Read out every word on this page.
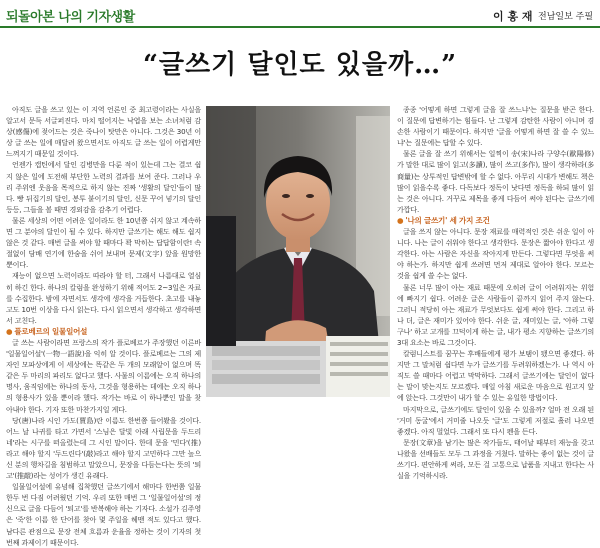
되돌아본 나의 기자생활	이 홍 재 전남일보 주필
“글쓰기 달인도 있을까…”

아직도 글을 쓰고 있는 이 지역 언론인 중 최고령이라는 사실을 알고서 문득 서글퍼진다. 마치 떨어지는 낙엽을 보는 소녀처럼 감상(感傷)에 젖어드는 것은 죽나이 탓만은 아니다. 그것은 30년 이상 글 쓰는 일에 매달려 왔으면서도 아직도 글 쓰는 일이 어렵게만 느껴지기 때문일 것이다.

언젠가 캡틴에서 달인 김병만을 다룬 적이 있는데 그는 결코 쉽지 않은 일에 도전해 부단한 노력의 결과를 보여 준다. 그러나 우리 주위엔 웃음을 목적으로 하지 않는 진짜 '생활의 달인'들이 많다. 빵 뒤집기의 달인, 봉투 붙이기의 달인, 신문 꾸어 넣기의 달인 등등, 그들을 볼 때면 경외감을 감추기 어렵다.

물론 세상의 어떤 어려운 일이라도 한 10년쯤 쉬지 않고 계속하면 그 분야의 달인이 될 수 있다. 하지만 글쓰기는 해도 해도 쉽지 않은 것 같다. 매번 글을 써야 할 때마다 꽉 막히는 답답함이란! 속절없이 담배 연기에 한숨을 쉬어 보내며 문제(文字) 앞을 원망한 뿐이다.

재능이 없으면 노력이라도 따라야 할 터, 그래서 나름대로 열심히 하긴 한다. 하나의 칼럼을 완성하기 위해 적어도 2~3일은 자료를 수집한다. 밤에 자면서도 생각에 생각을 거듭한다. 초고를 내놓고도 10번 이상을 다시 읽는다. 다시 읽으면서 생각하고 생각하면서 고친다.

● 플로베르의 일물일어설

글 쓰는 사람이라면 프랑스의 작가 플로베르가 주장했던 이른바 '일물일어설'(一物一語說)을 익히 알 것이다. 플로베르는 그의 제자인 모파상에게 이 세상에는 똑같은 두 개의 모래알이 없으며 똑같은 두 마리의 파리도 없다고 했다. 사물의 이름에는 오직 하나의 명사, 움직임에는 하나의 동사, 그것을 형용하는 데에는 오직 하나의 형용사가 있을 뿐이라 했다. 작가는 바로 이 하나뿐인 말을 찾아내야 한다. 기자 또한 마찬가지일 게다.

당(唐)나라 시인 가도(賈島)란 이름도 한번쯤 들어봤을 것이다. 어느 날 나귀를 타고 가면서 '스님은 달빛 아래 사립문을 두드리네'라는 시구를 떠올렸는데 그 시인 말이다. 한데 문을 '민다'(推)라고 해야 할지 '두드린다'(敲)라고 해야 할지 고민하다 그만 높으신 분의 행차길을 침범하고 말았으니, 문장을 다듬는다는 뜻의 '퇴고'(推敲)라는 성어가 생긴 유래다.

일물일어설에 유념해 집착했던 글쓰기에서 해마다 한번쯤 일물 한두 번 다짐 어려웠던 기억. 우리 또한 매번 그 '일물일어설'의 정신으로 글을 다듬어 '퇴고'를 반복해야 하는 기자다. 소설가 김주영은 '죽'한 이름 한 단어를 찾아 몇 주일을 헤맨 적도 있다고 했다. 남다른 관점으로 문장 전체 흐름과 운율을 정하는 것이 기자의 첫 번째 과제이기 때문이다.

종종 '어떻게 하면 그렇게 글을 잘 쓰느냐'는 질문을 받곤 한다. 이 질문에 답변하기는 힘들다. 난 그렇게 감탄한 사람이 아니며 겸손한 사람이기 때문이다. 하지만 '글을 어떻게 하면 잘 쓸 수 있느냐'는 질문에는 답할 수 있다.

물론 글을 잘 쓰기 위해서는 일찍이 송(宋)나라 구양수(歐陽修)가 말한 대로 많이 읽고(多讀), 많이 쓰고(多作), 많이 생각하라(多商量)는 상투적인 답변밖에 할 수 없다. 아무리 시대가 변해도 책은 많이 읽을수록 좋다. 다독보다 정독이 낫다면 정독을 하되 많이 읽는 것은 아니다. 거꾸로 제목을 좋게 다듬어 써야 된다는 글쓰기에 가깝다.

● '나의 글쓰기' 세 가지 조건

글을 쓰지 않는 아니다. 문장 재료를 매력적인 것은 쉬운 일이 아니다. 나는 글이 쉬워야 한다고 생각한다. 문장은 짧아야 한다고 생각한다. 아는 사람은 자신을 작아지게 만든다. 그렇다면 무엇을 써야 하는가. 하지만 쉽게 쓰려면 먼저 제대로 알아야 한다. 모르는 것을 쉽게 쓸 수는 없다.

물론 너무 많이 아는 재료 때문에 오히려 글이 어려워지는 위험에 빠지기 쉽다. 어려운 글은 사람들이 끝까지 읽어 주지 않는다. 그러니 적당히 아는 재료가 무엇보다도 쉽게 써야 한다. 그리고 하나 더, 글은 재미가 있어야 한다. 쉬운 글, 재미있는 글, '아하 그렇구나' 하고 고개를 끄덕이게 하는 글, 내가 평소 지향하는 글쓰기의 3대 요소는 바로 그것이다.

칼럼니스트를 꿈꾸는 후배들에게 평가 보탬이 됐으면 좋겠다. 하지만 그 말처럼 쉽다면 누가 글쓰기를 두려워하겠는가. 나 역시 아직도 쓸 때마다 어렵고 막막하다. 그래서 글쓰기에는 달인이 없다는 말이 맞는지도 모르겠다. 매일 아침 새로운 마음으로 원고지 앞에 앉는다. 그것만이 내가 할 수 있는 유일한 방법이다.

마지막으로, 글쓰기에도 달인이 있을 수 있을까? 얼마 전 오래 된 '거미 동굴'에서 거미줄 나오듯 '글'도 그렇게 저절로 흘러 나오면 좋겠다. 아직 멀었다. 그래서 또 다시 펜을 든다.

문장(文章)을 남기는 많은 작가들도, 태어날 때부터 재능을 갖고 나왔을 선배들도 모두 그 과정을 거쳤다. 말하는 좋이 없는 것이 글쓰기다. 편안하게 써라, 모든 걸 고통으로 납품을 지내고 한다는 사실을 기억하시라.
